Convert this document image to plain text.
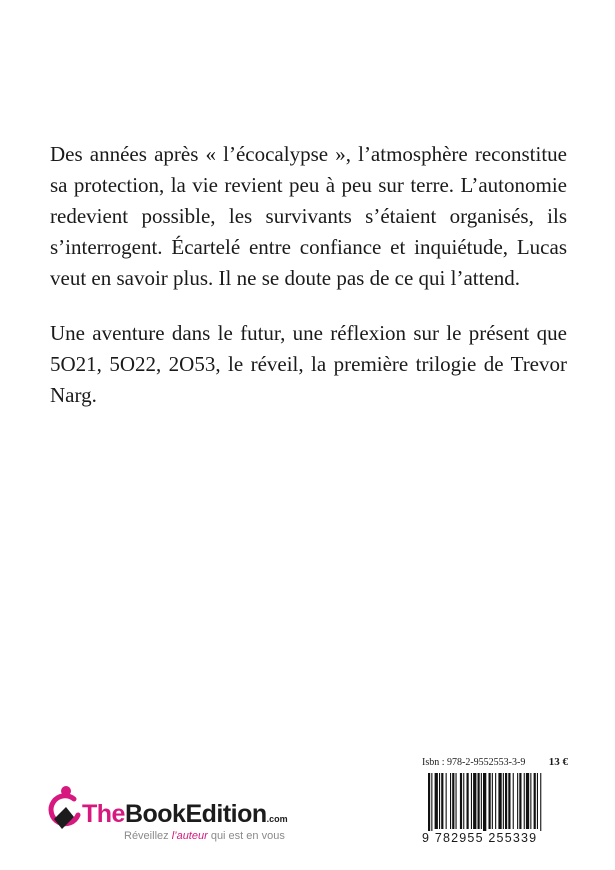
Des années après « l’écocalypse », l’atmosphère reconstitue sa protection, la vie revient peu à peu sur terre. L’autonomie redevient possible, les survivants s’étaient organisés, ils s’interrogent. Écartelé entre confiance et inquiétude, Lucas veut en savoir plus. Il ne se doute pas de ce qui l’attend.

Une aventure dans le futur, une réflexion sur le présent que 5O21, 5O22, 2O53, le réveil, la première trilogie de Trevor Narg.

Isbn : 978-2-9552553-3-9 13 €
9 782955 255339
TheBookEdition.com
Réveillez l’auteur qui est en vous
